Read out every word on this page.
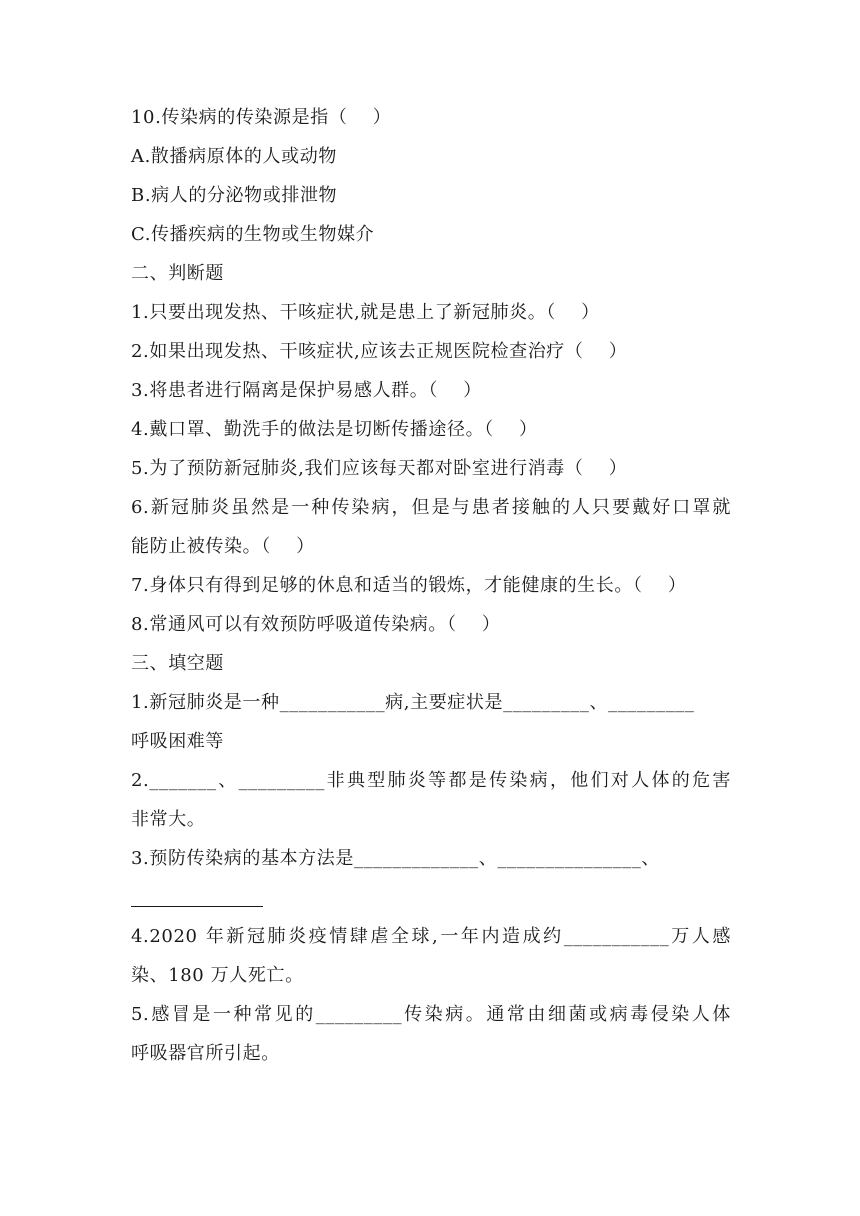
10.传染病的传染源是指（    ）
A.散播病原体的人或动物
B.病人的分泌物或排泄物
C.传播疾病的生物或生物媒介
二、判断题
1.只要出现发热、干咳症状,就是患上了新冠肺炎。（    ）
2.如果出现发热、干咳症状,应该去正规医院检查治疗（    ）
3.将患者进行隔离是保护易感人群。（    ）
4.戴口罩、勤洗手的做法是切断传播途径。（    ）
5.为了预防新冠肺炎,我们应该每天都对卧室进行消毒（    ）
6.新冠肺炎虽然是一种传染病，但是与患者接触的人只要戴好口罩就
能防止被传染。（    ）
7.身体只有得到足够的休息和适当的锻炼，才能健康的生长。（    ）
8.常通风可以有效预防呼吸道传染病。（    ）
三、填空题
1.新冠肺炎是一种___________病,主要症状是_________、_________
呼吸困难等
2._______、_________非典型肺炎等都是传染病，他们对人体的危害
非常大。
3.预防传染病的基本方法是_____________、_______________、
4.2020 年新冠肺炎疫情肆虐全球,一年内造成约___________万人感
染、180 万人死亡。
5.感冒是一种常见的_________传染病。通常由细菌或病毒侵染人体
呼吸器官所引起。
